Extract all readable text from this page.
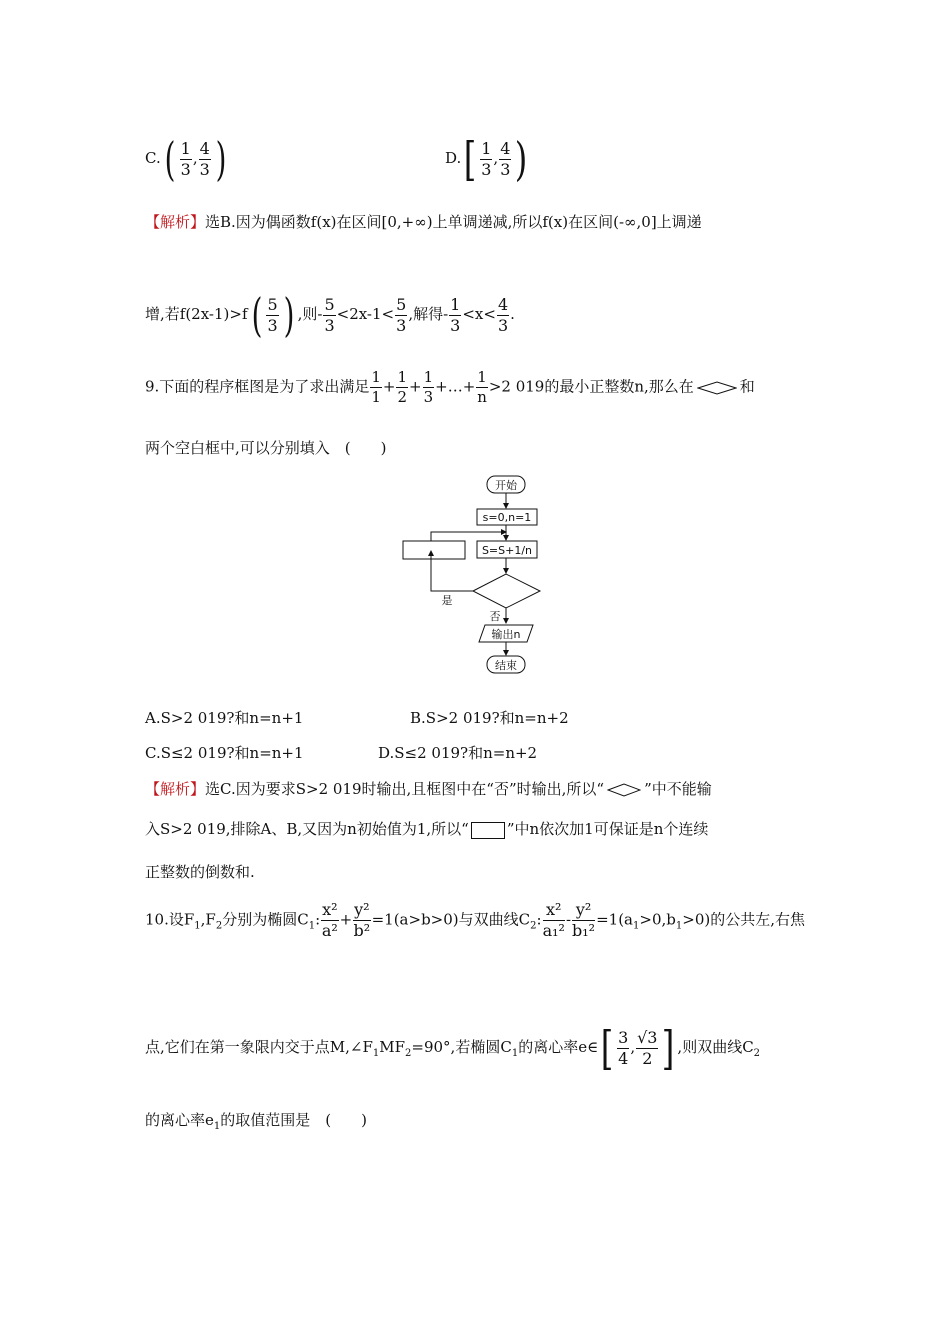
$C.( \frac{1}{3}$ , $\frac{4}{3}$ )	$D.[ \frac{1}{3}$ , $\frac{4}{3}$ )
【解析】选B.因为偶函数f(x)在区间[0,+∞)上单调递减,所以f(x)在区间(-∞,0]上调递
增,若$f(2x-1)>f( \frac{5}{3}$ ) ,则- $\frac{5}{3} <2x-1< \frac{5}{3}$ ,解得- $\frac{1}{3} <x< \frac{4}{3}$ .
9.下面的程序框图是为了求出满足 $\frac{1}{1} + \frac{1}{2} + \frac{1}{3}$ +…+ $\frac{1}{n} >2$ 019的最小正整数n,那么在	和
两个空白框中,可以分别填入　(　　)
开始
s=0,n=1
S=S+1/n
是
否
输出n
结束
A.S>2 019?和n=n+1	B.S>2 019?和n=n+2
C.S≤2 019?和n=n+1	D.S≤2 019?和n=n+2
【解析】选C.因为要求S>2 019时输出,且框图中在“否”时输出,所以“	”中不能输
入S>2 019,排除A、B,又因为n初始值为1,所以“	”中n依次加1可保证是n个连续
正整数的倒数和.
10.设$F_1,F_2$分别为椭圆$C_1$: $\frac{\text{x²}}{\text{a²}} + \frac{\text{y²}}{\text{b²}} =1(a>b>0)$与双曲线$C_2$: $\frac{\text{x²}}{\text{a₁²}} - \frac{\text{y²}}{\text{b₁²}} =1(a_1>0,b_1>0)$的公共左,右焦
点,它们在第一象限内交于点$M,\angle F_1MF_2=90^\circ$,若椭圆$C_1$的离心率e∈[ $\frac{3}{4}$ , $\frac{√3}{2}$ ] ,则双曲线$C_2$
的离心率$e_1$的取值范围是　(　　)
